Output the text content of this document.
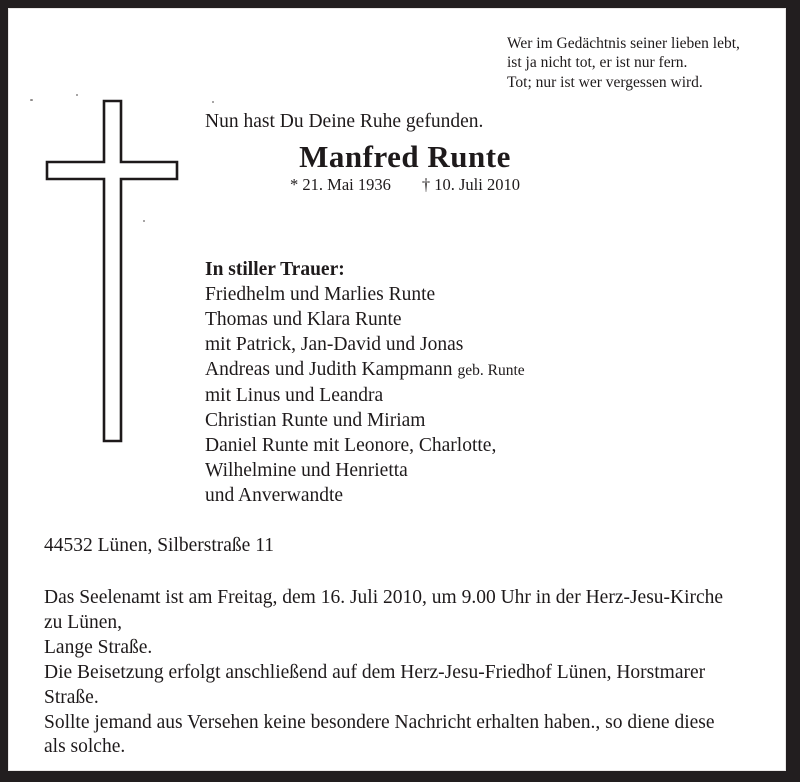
Wer im Gedächtnis seiner lieben lebt,
ist ja nicht tot, er ist nur fern.
Tot; nur ist wer vergessen wird.
Nun hast Du Deine Ruhe gefunden.
Manfred Runte
* 21. Mai 1936 † 10. Juli 2010
In stiller Trauer:
Friedhelm und Marlies Runte
Thomas und Klara Runte
mit Patrick, Jan-David und Jonas
Andreas und Judith Kampmann geb. Runte
mit Linus und Leandra
Christian Runte und Miriam
Daniel Runte mit Leonore, Charlotte,
Wilhelmine und Henrietta
und Anverwandte
44532 Lünen, Silberstraße 11
Das Seelenamt ist am Freitag, dem 16. Juli 2010, um 9.00 Uhr in der Herz-Jesu-Kirche
zu Lünen,
Lange Straße.
Die Beisetzung erfolgt anschließend auf dem Herz-Jesu-Friedhof Lünen, Horstmarer
Straße.
Sollte jemand aus Versehen keine besondere Nachricht erhalten haben., so diene diese
als solche.
